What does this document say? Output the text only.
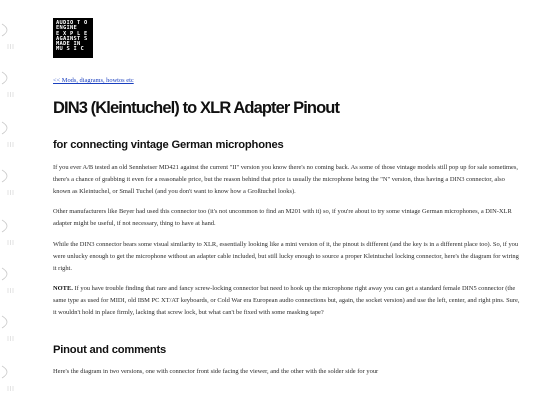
AUDIO T O
ENGINE
E X P L E
AGAINST S
MADE IN
MU S I C
<< Mods, diagrams, howtos etc
DIN3 (Kleintuchel) to XLR Adapter Pinout
for connecting vintage German microphones

If you ever A/B tested an old Sennheiser MD421 against the current "II" version you know there's no coming back. As some of those vintage models still pop up for sale sometimes, there's a chance of grabbing it even for a reasonable price, but the reason behind that price is usually the microphone being the "N" version, thus having a DIN3 connector, also known as Kleintuchel, or Small Tuchel (and you don't want to know how a Großtuchel looks).

Other manufacturers like Beyer had used this connector too (it's not uncommon to find an M201 with it) so, if you're about to try some vintage German microphones, a DIN-XLR adapter might be useful, if not necessary, thing to have at hand.

While the DIN3 connector bears some visual similarity to XLR, essentially looking like a mini version of it, the pinout is different (and the key is in a different place too). So, if you were unlucky enough to get the microphone without an adapter cable included, but still lucky enough to source a proper Kleintuchel locking connector, here's the diagram for wiring it right.

NOTE. If you have trouble finding that rare and fancy screw-locking connector but need to hook up the microphone right away you can get a standard female DIN5 connector (the same type as used for MIDI, old IBM PC XT/AT keyboards, or Cold War era European audio connections but, again, the socket version) and use the left, center, and right pins. Sure, it wouldn't hold in place firmly, lacking that screw lock, but what can't be fixed with some masking tape?

Pinout and comments

Here's the diagram in two versions, one with connector front side facing the viewer, and the other with the solder side for your
